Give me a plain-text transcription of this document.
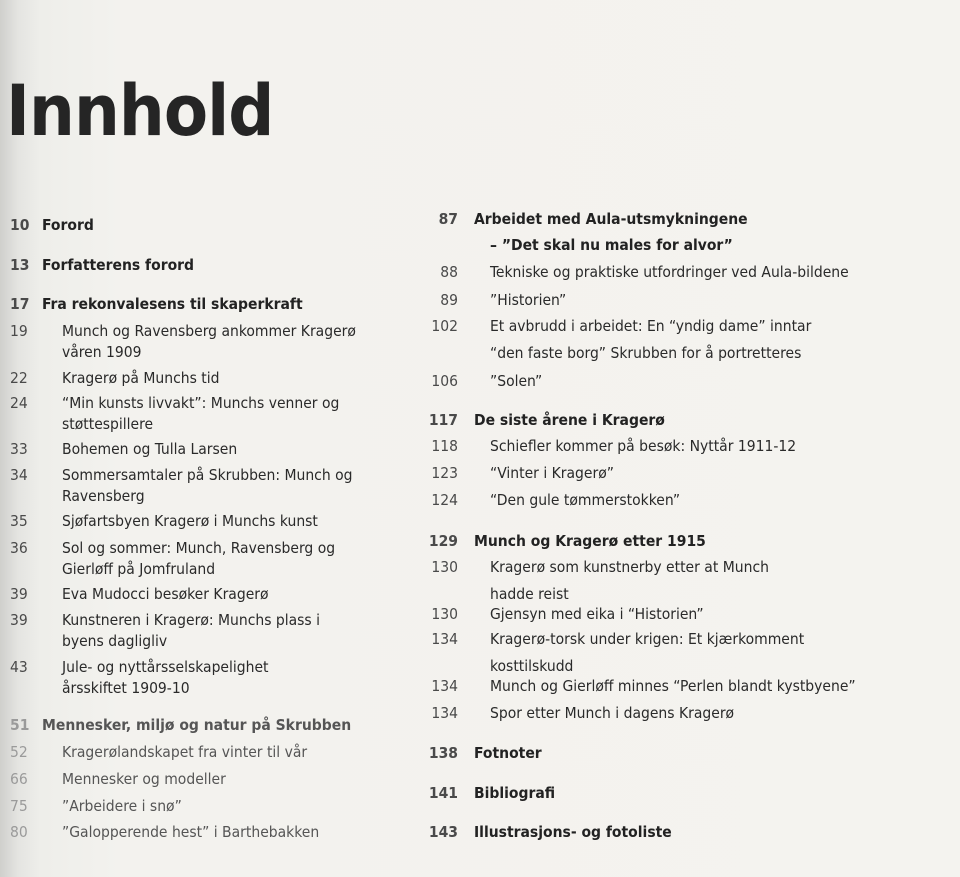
Innhold
10 Forord
13 Forfatterens forord
17 Fra rekonvalesens til skaperkraft
19	Munch og Ravensberg ankommer Kragerø
våren 1909
22	Kragerø på Munchs tid
24	“Min kunsts livvakt”: Munchs venner og
støttespillere
33	Bohemen og Tulla Larsen
34	Sommersamtaler på Skrubben: Munch og
Ravensberg
35	Sjøfartsbyen Kragerø i Munchs kunst
36	Sol og sommer: Munch, Ravensberg og
Gierløff på Jomfruland
39	Eva Mudocci besøker Kragerø
39	Kunstneren i Kragerø: Munchs plass i
byens dagligliv
43	Jule- og nyttårsselskapelighet
årsskiftet 1909-10
51 Mennesker, miljø og natur på Skrubben
52	Kragerølandskapet fra vinter til vår
66	Mennesker og modeller
75	”Arbeidere i snø”
80	”Galopperende hest” i Barthebakken
87 Arbeidet med Aula-utsmykningene
– ”Det skal nu males for alvor”
88 Tekniske og praktiske utfordringer ved Aula-bildene
89 ”Historien”
102 Et avbrudd i arbeidet: En “yndig dame” inntar
“den faste borg” Skrubben for å portretteres
106 ”Solen”
117 De siste årene i Kragerø
118 Schiefler kommer på besøk: Nyttår 1911-12
123 “Vinter i Kragerø”
124 “Den gule tømmerstokken”
129 Munch og Kragerø etter 1915
130 Kragerø som kunstnerby etter at Munch
hadde reist
130 Gjensyn med eika i “Historien”
134 Kragerø-torsk under krigen: Et kjærkomment
kosttilskudd
134 Munch og Gierløff minnes “Perlen blandt kystbyene”
134 Spor etter Munch i dagens Kragerø
138 Fotnoter
141 Bibliografi
143 Illustrasjons- og fotoliste
